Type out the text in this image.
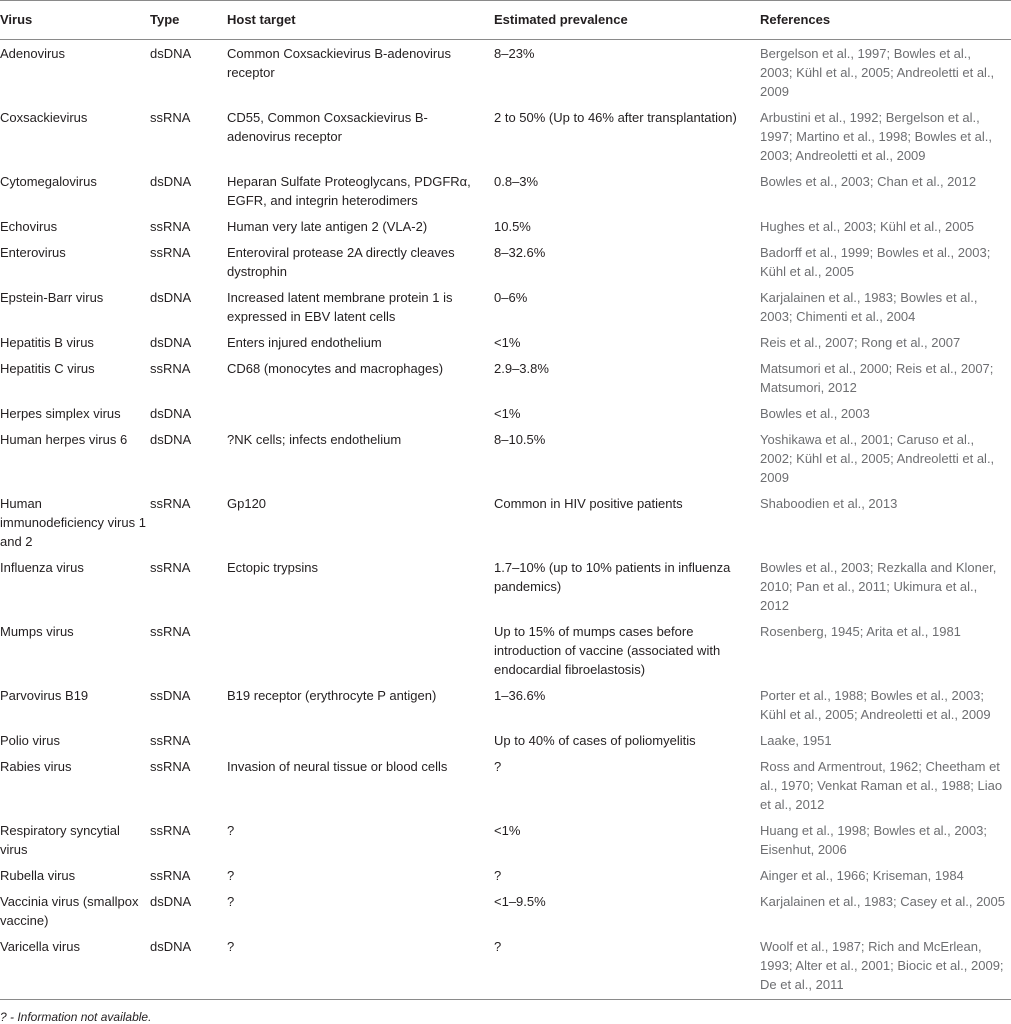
Virus	Type	Host target	Estimated prevalence	References
Adenovirus	dsDNA	Common Coxsackievirus B-adenovirus receptor	8–23%	Bergelson et al., 1997; Bowles et al., 2003; Kühl et al., 2005; Andreoletti et al., 2009
Coxsackievirus	ssRNA	CD55, Common Coxsackievirus B-adenovirus receptor	2 to 50% (Up to 46% after transplantation)	Arbustini et al., 1992; Bergelson et al., 1997; Martino et al., 1998; Bowles et al., 2003; Andreoletti et al., 2009
Cytomegalovirus	dsDNA	Heparan Sulfate Proteoglycans, PDGFRα, EGFR, and integrin heterodimers	0.8–3%	Bowles et al., 2003; Chan et al., 2012
Echovirus	ssRNA	Human very late antigen 2 (VLA-2)	10.5%	Hughes et al., 2003; Kühl et al., 2005
Enterovirus	ssRNA	Enteroviral protease 2A directly cleaves dystrophin	8–32.6%	Badorff et al., 1999; Bowles et al., 2003; Kühl et al., 2005
Epstein-Barr virus	dsDNA	Increased latent membrane protein 1 is expressed in EBV latent cells	0–6%	Karjalainen et al., 1983; Bowles et al., 2003; Chimenti et al., 2004
Hepatitis B virus	dsDNA	Enters injured endothelium	<1%	Reis et al., 2007; Rong et al., 2007
Hepatitis C virus	ssRNA	CD68 (monocytes and macrophages)	2.9–3.8%	Matsumori et al., 2000; Reis et al., 2007; Matsumori, 2012
Herpes simplex virus	dsDNA		<1%	Bowles et al., 2003
Human herpes virus 6	dsDNA	?NK cells; infects endothelium	8–10.5%	Yoshikawa et al., 2001; Caruso et al., 2002; Kühl et al., 2005; Andreoletti et al., 2009
Human immunodeficiency virus 1 and 2	ssRNA	Gp120	Common in HIV positive patients	Shaboodien et al., 2013
Influenza virus	ssRNA	Ectopic trypsins	1.7–10% (up to 10% patients in influenza pandemics)	Bowles et al., 2003; Rezkalla and Kloner, 2010; Pan et al., 2011; Ukimura et al., 2012
Mumps virus	ssRNA		Up to 15% of mumps cases before introduction of vaccine (associated with endocardial fibroelastosis)	Rosenberg, 1945; Arita et al., 1981
Parvovirus B19	ssDNA	B19 receptor (erythrocyte P antigen)	1–36.6%	Porter et al., 1988; Bowles et al., 2003; Kühl et al., 2005; Andreoletti et al., 2009
Polio virus	ssRNA		Up to 40% of cases of poliomyelitis	Laake, 1951
Rabies virus	ssRNA	Invasion of neural tissue or blood cells	?	Ross and Armentrout, 1962; Cheetham et al., 1970; Venkat Raman et al., 1988; Liao et al., 2012
Respiratory syncytial virus	ssRNA	?	<1%	Huang et al., 1998; Bowles et al., 2003; Eisenhut, 2006
Rubella virus	ssRNA	?	?	Ainger et al., 1966; Kriseman, 1984
Vaccinia virus (smallpox vaccine)	dsDNA	?	<1–9.5%	Karjalainen et al., 1983; Casey et al., 2005
Varicella virus	dsDNA	?	?	Woolf et al., 1987; Rich and McErlean, 1993; Alter et al., 2001; Biocic et al., 2009; De et al., 2011
? - Information not available.
